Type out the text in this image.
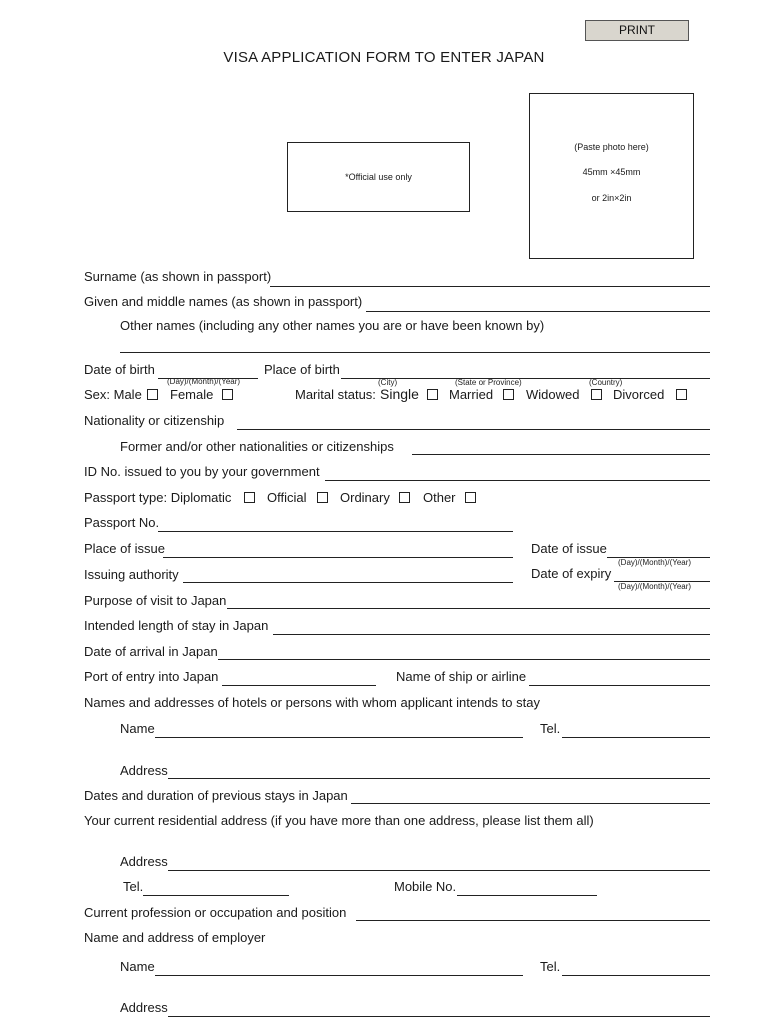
PRINT
VISA APPLICATION FORM TO ENTER JAPAN
*Official use only
(Paste photo here)
45mm ×45mm
or 2in×2in
Surname (as shown in passport)
Given and middle names (as shown in passport)
Other names (including any other names you are or have been known by)
Date of birth
(Day)/(Month)/(Year)
Place of birth
(City)	(State or Province)	(Country)
Sex: Male Female	Marital status: Single Married	Widowed	Divorced
Nationality or citizenship
Former and/or other nationalities or citizenships
ID No. issued to you by your government
Passport type: Diplomatic	Official	Ordinary	Other
Passport No.
Place of issue	Date of issue
(Day)/(Month)/(Year)
Issuing authority	Date of expiry
(Day)/(Month)/(Year)
Purpose of visit to Japan
Intended length of stay in Japan
Date of arrival in Japan
Port of entry into Japan	Name of ship or airline
Names and addresses of hotels or persons with whom applicant intends to stay
Name	Tel.
Address
Dates and duration of previous stays in Japan
Your current residential address (if you have more than one address, please list them all)
Address
Tel.	Mobile No.
Current profession or occupation and position
Name and address of employer
Name	Tel.
Address
